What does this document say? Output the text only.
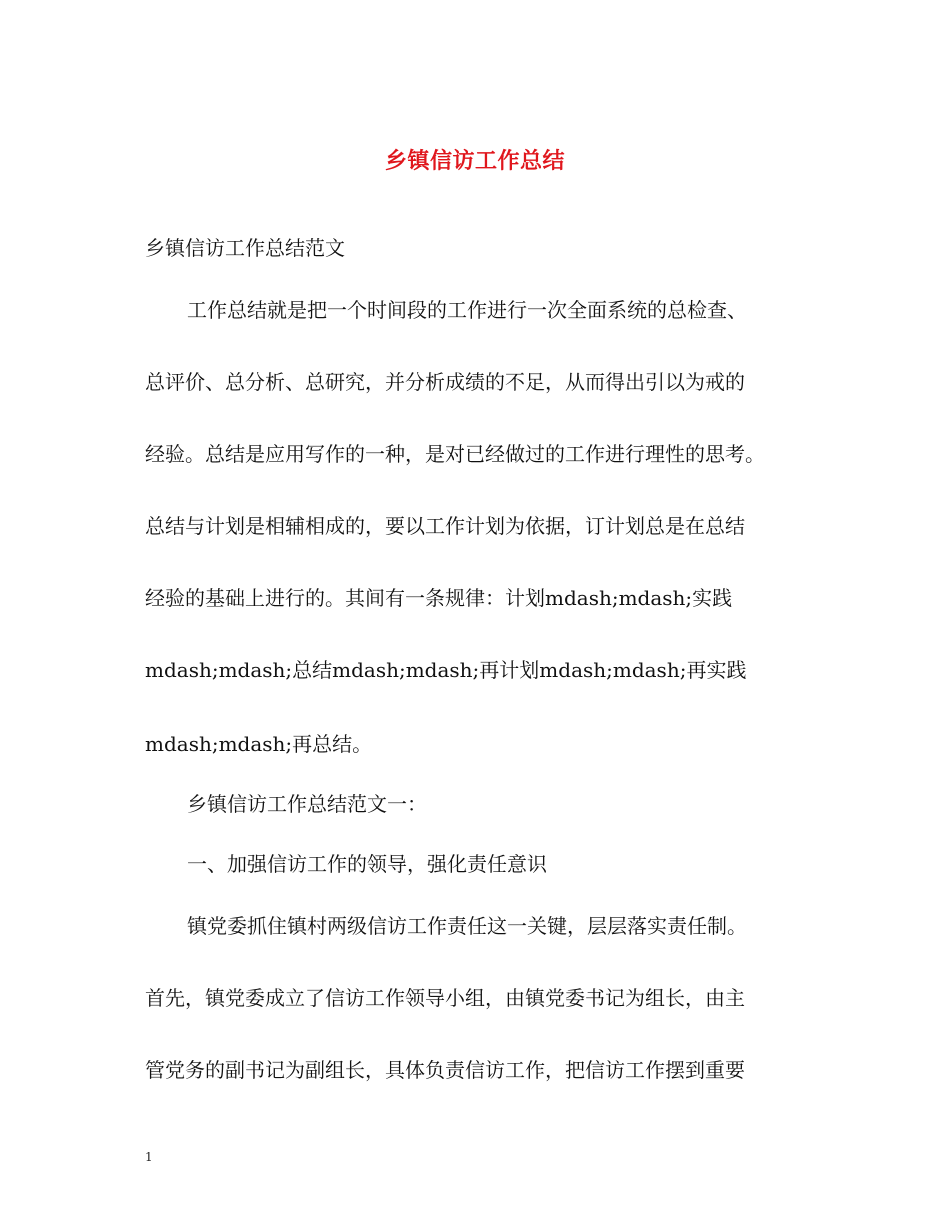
乡镇信访工作总结
乡镇信访工作总结范文
工作总结就是把一个时间段的工作进行一次全面系统的总检查、
总评价、总分析、总研究，并分析成绩的不足，从而得出引以为戒的
经验。总结是应用写作的一种，是对已经做过的工作进行理性的思考。
总结与计划是相辅相成的，要以工作计划为依据，订计划总是在总结
经验的基础上进行的。其间有一条规律：计划mdash;mdash;实践
mdash;mdash;总结mdash;mdash;再计划mdash;mdash;再实践
mdash;mdash;再总结。
乡镇信访工作总结范文一：
一、加强信访工作的领导，强化责任意识
镇党委抓住镇村两级信访工作责任这一关键，层层落实责任制。
首先，镇党委成立了信访工作领导小组，由镇党委书记为组长，由主
管党务的副书记为副组长，具体负责信访工作，把信访工作摆到重要
1
